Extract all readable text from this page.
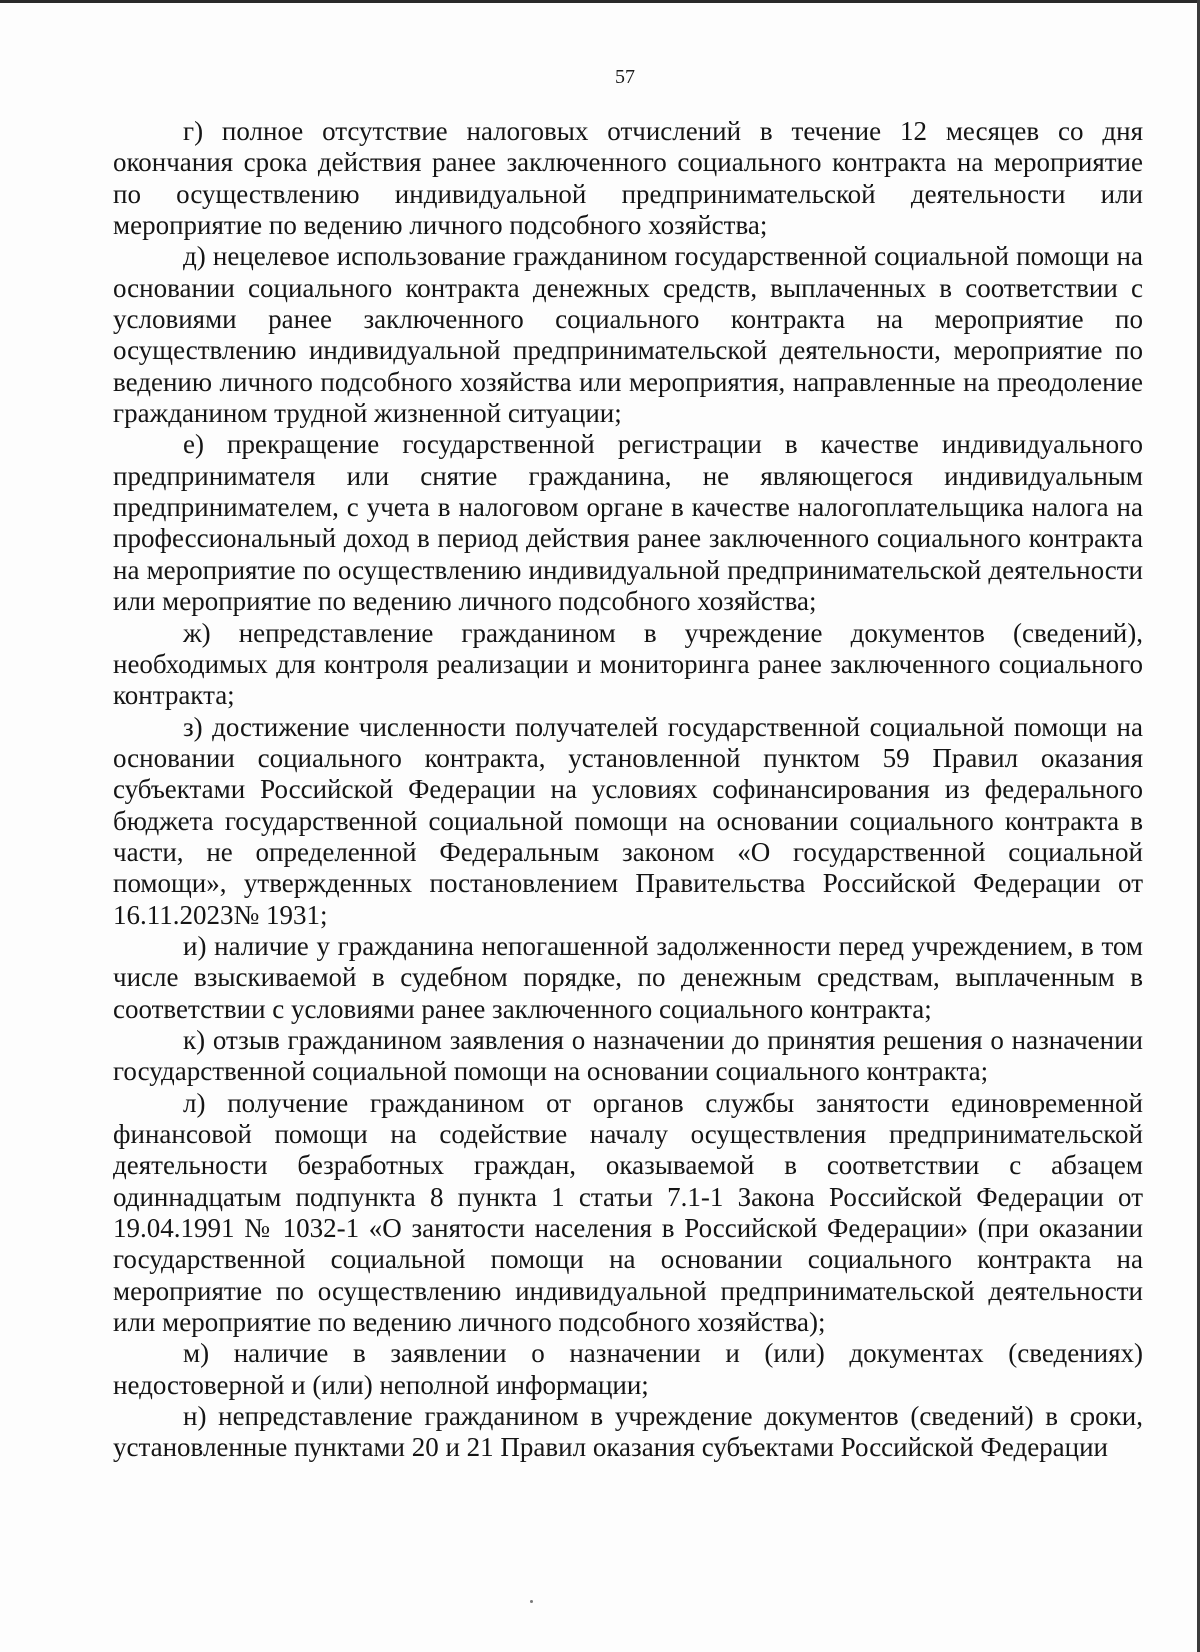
57

г) полное отсутствие налоговых отчислений в течение 12 месяцев со дня окончания срока действия ранее заключенного социального контракта на мероприятие по осуществлению индивидуальной предпринимательской деятельности или мероприятие по ведению личного подсобного хозяйства;

д) нецелевое использование гражданином государственной социальной помощи на основании социального контракта денежных средств, выплаченных в соответствии с условиями ранее заключенного социального контракта на мероприятие по осуществлению индивидуальной предпринимательской деятельности, мероприятие по ведению личного подсобного хозяйства или мероприятия, направленные на преодоление гражданином трудной жизненной ситуации;

е) прекращение государственной регистрации в качестве индивидуального предпринимателя или снятие гражданина, не являющегося индивидуальным предпринимателем, с учета в налоговом органе в качестве налогоплательщика налога на профессиональный доход в период действия ранее заключенного социального контракта на мероприятие по осуществлению индивидуальной предпринимательской деятельности или мероприятие по ведению личного подсобного хозяйства;

ж) непредставление гражданином в учреждение документов (сведений), необходимых для контроля реализации и мониторинга ранее заключенного социального контракта;

з) достижение численности получателей государственной социальной помощи на основании социального контракта, установленной пунктом 59 Правил оказания субъектами Российской Федерации на условиях софинансирования из федерального бюджета государственной социальной помощи на основании социального контракта в части, не определенной Федеральным законом «О государственной социальной помощи», утвержденных постановлением Правительства Российской Федерации от 16.11.2023№ 1931;

и) наличие у гражданина непогашенной задолженности перед учреждением, в том числе взыскиваемой в судебном порядке, по денежным средствам, выплаченным в соответствии с условиями ранее заключенного социального контракта;

к) отзыв гражданином заявления о назначении до принятия решения о назначении государственной социальной помощи на основании социального контракта;

л) получение гражданином от органов службы занятости единовременной финансовой помощи на содействие началу осуществления предпринимательской деятельности безработных граждан, оказываемой в соответствии с абзацем одиннадцатым подпункта 8 пункта 1 статьи 7.1-1 Закона Российской Федерации от 19.04.1991 № 1032-1 «О занятости населения в Российской Федерации» (при оказании государственной социальной помощи на основании социального контракта на мероприятие по осуществлению индивидуальной предпринимательской деятельности или мероприятие по ведению личного подсобного хозяйства);

м) наличие в заявлении о назначении и (или) документах (сведениях) недостоверной и (или) неполной информации;

н) непредставление гражданином в учреждение документов (сведений) в сроки, установленные пунктами 20 и 21 Правил оказания субъектами Российской Федерации
